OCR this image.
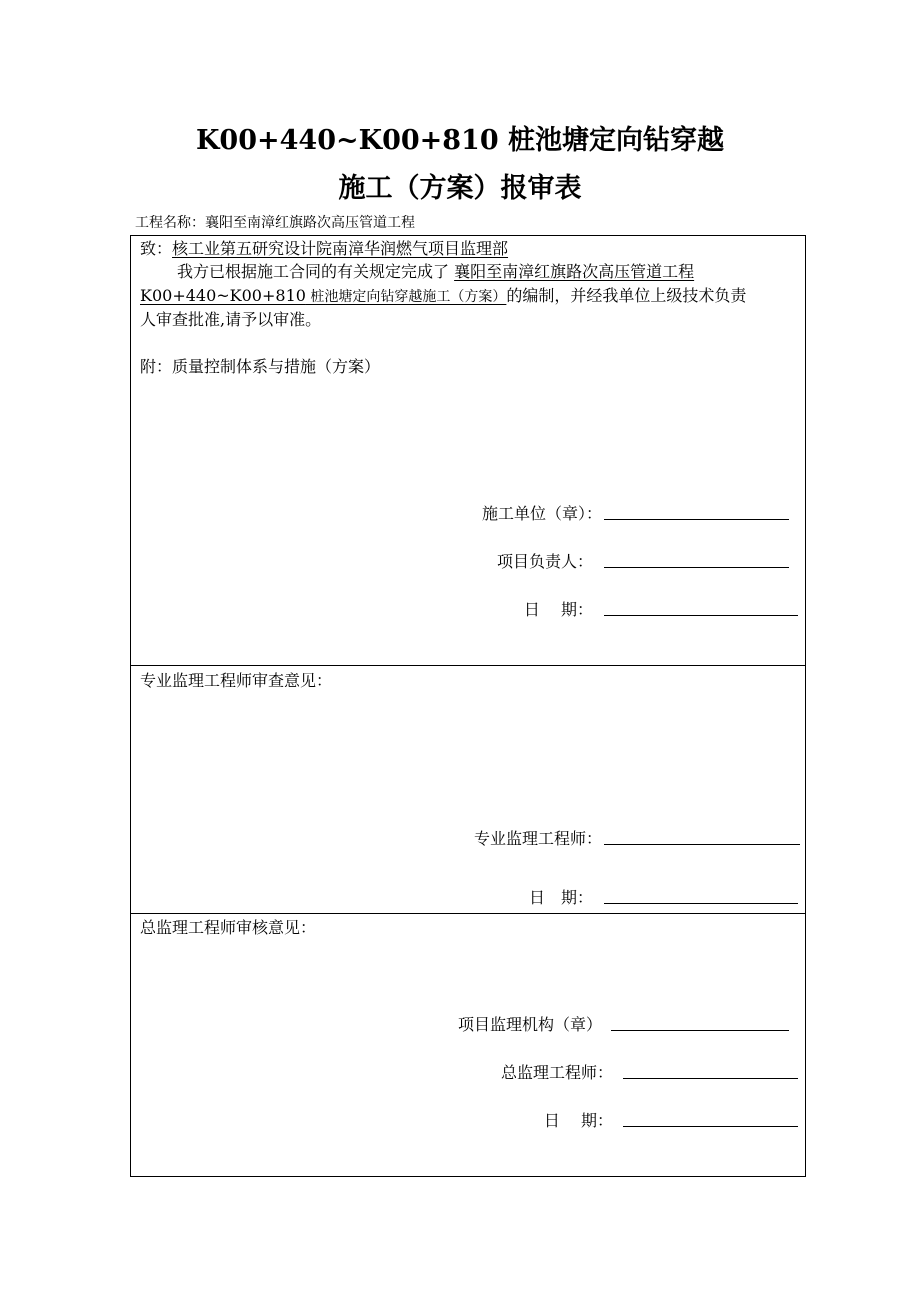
K00+440~K00+810 桩池塘定向钻穿越
施工（方案）报审表
工程名称：襄阳至南漳红旗路次高压管道工程
致：核工业第五研究设计院南漳华润燃气项目监理部
我方已根据施工合同的有关规定完成了 襄阳至南漳红旗路次高压管道工程
K00+440~K00+810 桩池塘定向钻穿越施工（方案）的编制，并经我单位上级技术负责
人审查批准,请予以审准。
附：质量控制体系与措施（方案）
施工单位（章）：
项目负责人：
日　 期：
专业监理工程师审查意见：
专业监理工程师：
日　期：
总监理工程师审核意见：
项目监理机构（章）
总监理工程师：
日　 期：
